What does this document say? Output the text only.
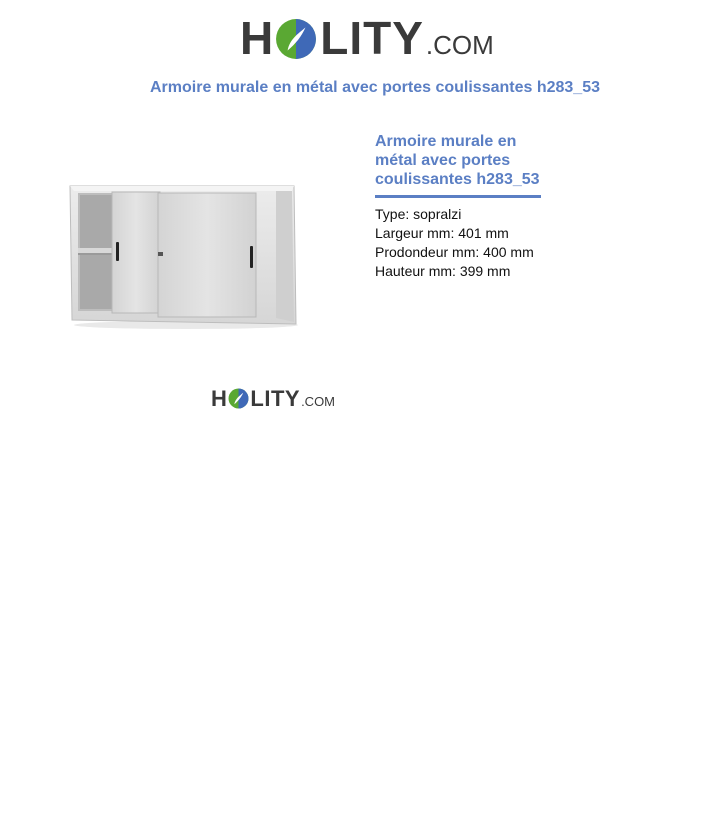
H LITY .COM
Armoire murale en métal avec portes coulissantes h283_53
H LITY .COM
Armoire murale en métal avec portes coulissantes h283_53
Type: sopralzi
Largeur mm: 401 mm
Prodondeur mm: 400 mm
Hauteur mm: 399 mm
